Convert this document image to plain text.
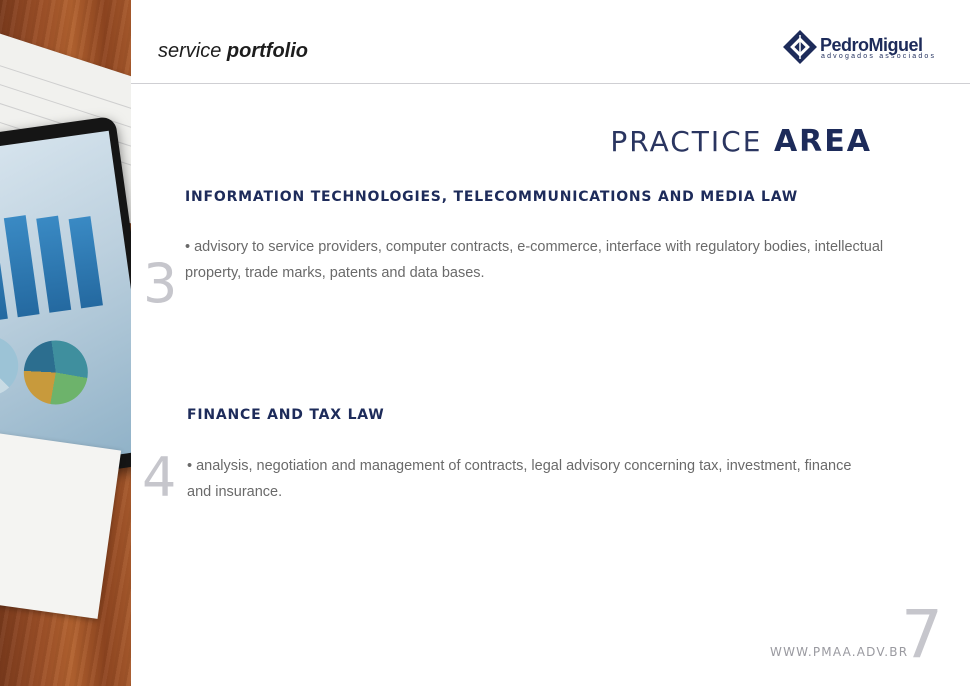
service portfolio	PedroMiguel
advogados associados
PRACTICE AREA
INFORMATION TECHNOLOGIES, TELECOMMUNICATIONS AND MEDIA LAW
3
• advisory to service providers, computer contracts, e-commerce, interface with regulatory bodies, intellectual property, trade marks, patents and data bases.
FINANCE AND TAX LAW
4 • analysis, negotiation and management of contracts, legal advisory concerning tax, investment, finance and insurance.
WWW.PMAA.ADV.BR
7
